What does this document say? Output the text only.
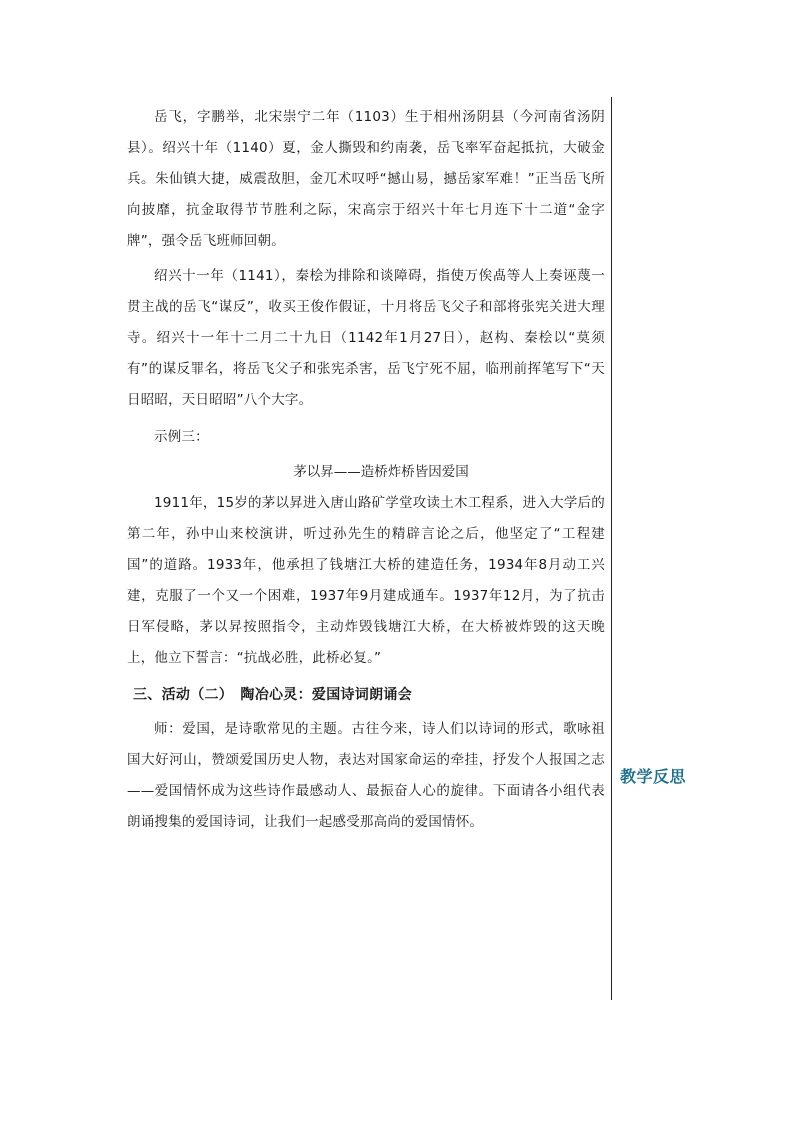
岳飞，字鹏举，北宋崇宁二年（1103）生于相州汤阴县（今河南省汤阴县）。绍兴十年（1140）夏，金人撕毁和约南袭，岳飞率军奋起抵抗，大破金兵。朱仙镇大捷，威震敌胆，金兀术叹呼“撼山易，撼岳家军难！”正当岳飞所向披靡，抗金取得节节胜利之际，宋高宗于绍兴十年七月连下十二道“金字牌”，强令岳飞班师回朝。

绍兴十一年（1141），秦桧为排除和谈障碍，指使万俟卨等人上奏诬蔑一贯主战的岳飞“谋反”，收买王俊作假证，十月将岳飞父子和部将张宪关进大理寺。绍兴十一年十二月二十九日（1142年1月27日），赵构、秦桧以“莫须有”的谋反罪名，将岳飞父子和张宪杀害，岳飞宁死不屈，临刑前挥笔写下“天日昭昭，天日昭昭”八个大字。

示例三：

茅以昇——造桥炸桥皆因爱国

1911年，15岁的茅以昇进入唐山路矿学堂攻读土木工程系，进入大学后的第二年，孙中山来校演讲，听过孙先生的精辟言论之后，他坚定了“工程建国”的道路。1933年，他承担了钱塘江大桥的建造任务，1934年8月动工兴建，克服了一个又一个困难，1937年9月建成通车。1937年12月，为了抗击日军侵略，茅以昇按照指令，主动炸毁钱塘江大桥，在大桥被炸毁的这天晚上，他立下誓言：“抗战必胜，此桥必复。”

三、活动（二）　陶冶心灵：爱国诗词朗诵会

师：爱国，是诗歌常见的主题。古往今来，诗人们以诗词的形式，歌咏祖国大好河山，赞颂爱国历史人物，表达对国家命运的牵挂，抒发个人报国之志——爱国情怀成为这些诗作最感动人、最振奋人心的旋律。下面请各小组代表朗诵搜集的爱国诗词，让我们一起感受那高尚的爱国情怀。

教学反思
